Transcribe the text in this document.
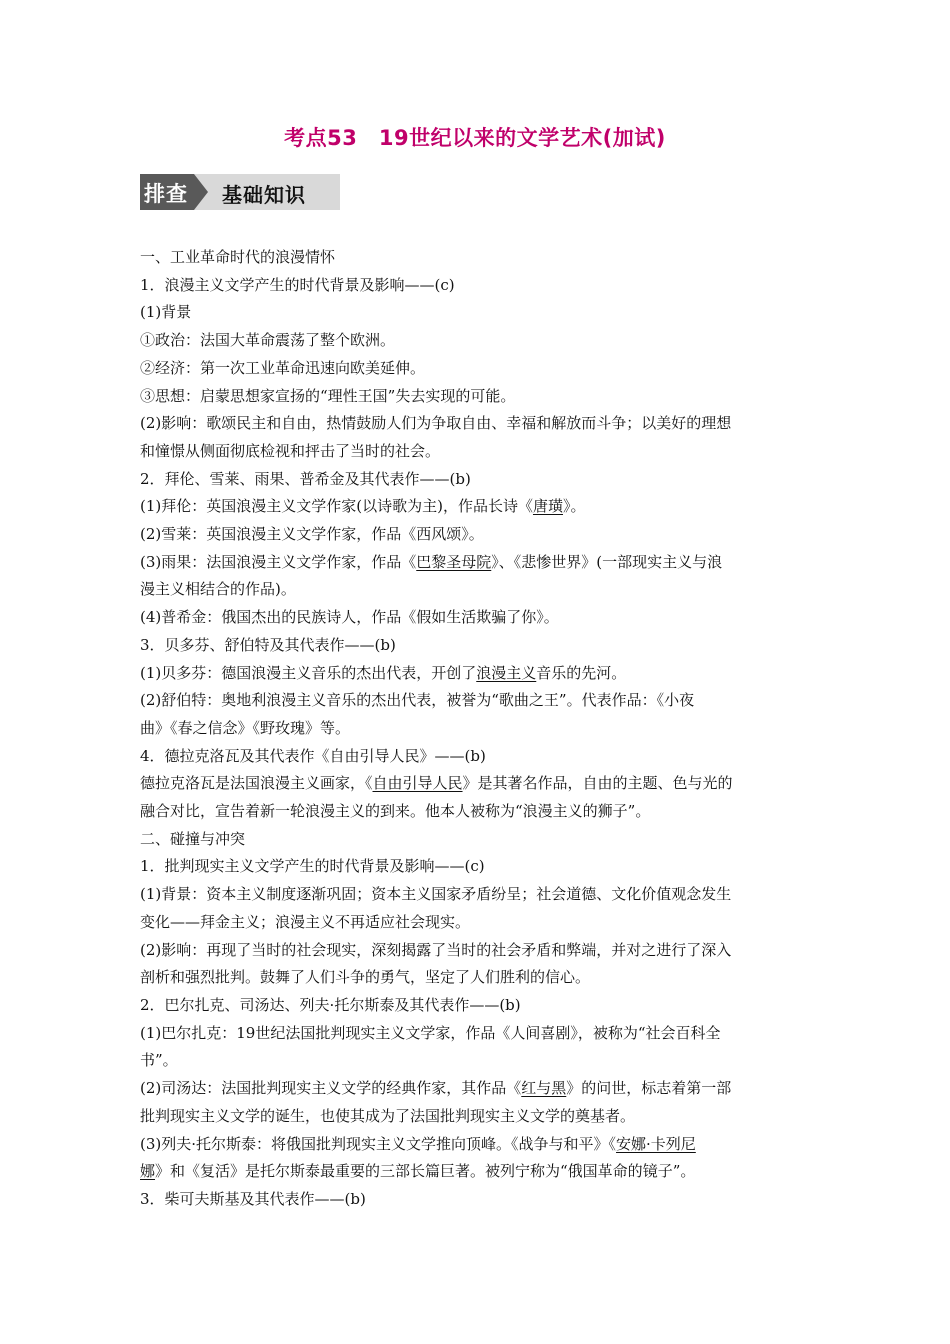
考点53　19世纪以来的文学艺术(加试)
排查 基础知识
一、工业革命时代的浪漫情怀
1．浪漫主义文学产生的时代背景及影响——(c)
(1)背景
①政治：法国大革命震荡了整个欧洲。
②经济：第一次工业革命迅速向欧美延伸。
③思想：启蒙思想家宣扬的“理性王国”失去实现的可能。
(2)影响：歌颂民主和自由，热情鼓励人们为争取自由、幸福和解放而斗争；以美好的理想
和憧憬从侧面彻底检视和抨击了当时的社会。
2．拜伦、雪莱、雨果、普希金及其代表作——(b)
(1)拜伦：英国浪漫主义文学作家(以诗歌为主)，作品长诗《唐璜》。
(2)雪莱：英国浪漫主义文学作家，作品《西风颂》。
(3)雨果：法国浪漫主义文学作家，作品《巴黎圣母院》、《悲惨世界》(一部现实主义与浪
漫主义相结合的作品)。
(4)普希金：俄国杰出的民族诗人，作品《假如生活欺骗了你》。
3．贝多芬、舒伯特及其代表作——(b)
(1)贝多芬：德国浪漫主义音乐的杰出代表，开创了浪漫主义音乐的先河。
(2)舒伯特：奥地利浪漫主义音乐的杰出代表，被誉为“歌曲之王”。代表作品：《小夜
曲》《春之信念》《野玫瑰》等。
4．德拉克洛瓦及其代表作《自由引导人民》——(b)
德拉克洛瓦是法国浪漫主义画家，《自由引导人民》是其著名作品，自由的主题、色与光的
融合对比，宣告着新一轮浪漫主义的到来。他本人被称为“浪漫主义的狮子”。
二、碰撞与冲突
1．批判现实主义文学产生的时代背景及影响——(c)
(1)背景：资本主义制度逐渐巩固；资本主义国家矛盾纷呈；社会道德、文化价值观念发生
变化——拜金主义；浪漫主义不再适应社会现实。
(2)影响：再现了当时的社会现实，深刻揭露了当时的社会矛盾和弊端，并对之进行了深入
剖析和强烈批判。鼓舞了人们斗争的勇气，坚定了人们胜利的信心。
2．巴尔扎克、司汤达、列夫·托尔斯泰及其代表作——(b)
(1)巴尔扎克：19世纪法国批判现实主义文学家，作品《人间喜剧》，被称为“社会百科全
书”。
(2)司汤达：法国批判现实主义文学的经典作家，其作品《红与黑》的问世，标志着第一部
批判现实主义文学的诞生，也使其成为了法国批判现实主义文学的奠基者。
(3)列夫·托尔斯泰：将俄国批判现实主义文学推向顶峰。《战争与和平》《安娜·卡列尼
娜》和《复活》是托尔斯泰最重要的三部长篇巨著。被列宁称为“俄国革命的镜子”。
3．柴可夫斯基及其代表作——(b)
